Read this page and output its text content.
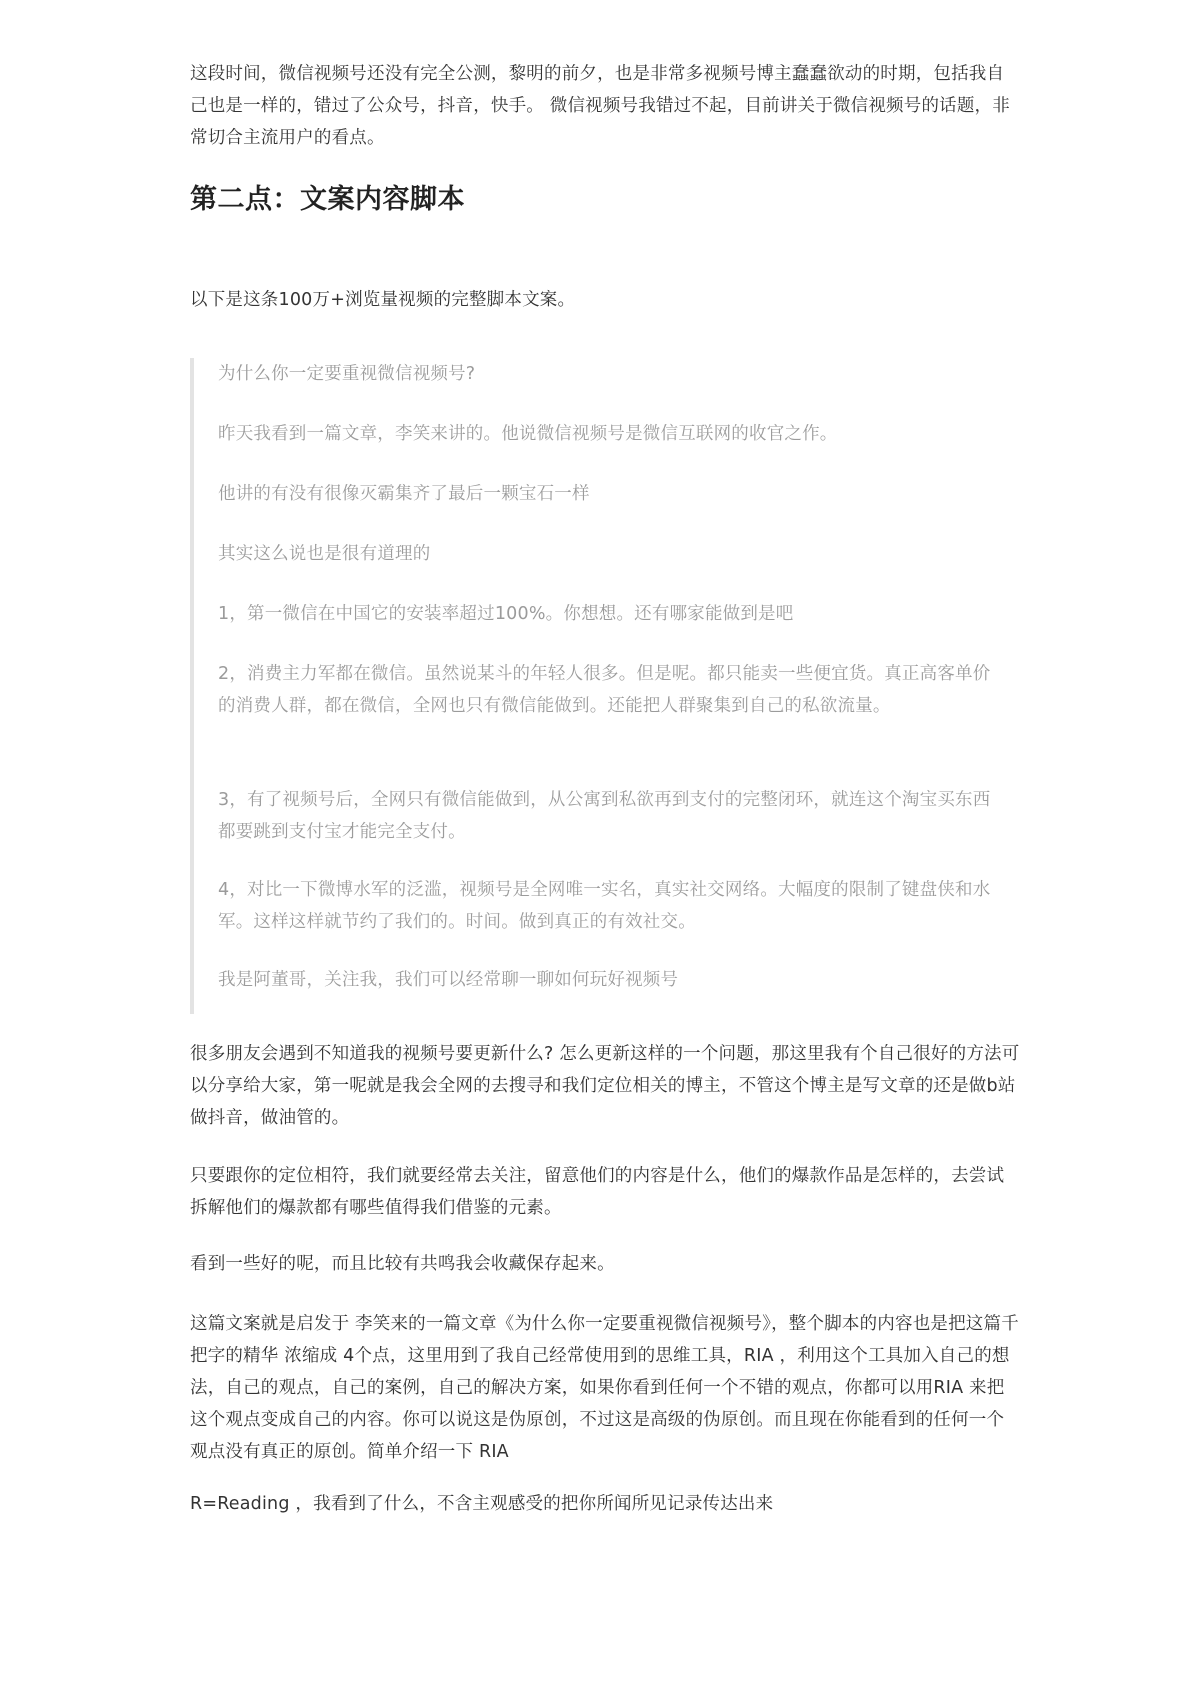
这段时间，微信视频号还没有完全公测，黎明的前夕，也是非常多视频号博主蠢蠢欲动的时期，包括我自己也是一样的，错过了公众号，抖音，快手。 微信视频号我错过不起，目前讲关于微信视频号的话题，非常切合主流用户的看点。

第二点：文案内容脚本

以下是这条100万+浏览量视频的完整脚本文案。

为什么你一定要重视微信视频号?

昨天我看到一篇文章，李笑来讲的。他说微信视频号是微信互联网的收官之作。

他讲的有没有很像灭霸集齐了最后一颗宝石一样

其实这么说也是很有道理的

1，第一微信在中国它的安装率超过100%。你想想。还有哪家能做到是吧

2，消费主力军都在微信。虽然说某斗的年轻人很多。但是呢。都只能卖一些便宜货。真正高客单价的消费人群，都在微信，全网也只有微信能做到。还能把人群聚集到自己的私欲流量。

3，有了视频号后，全网只有微信能做到，从公寓到私欲再到支付的完整闭环，就连这个淘宝买东西都要跳到支付宝才能完全支付。

4，对比一下微博水军的泛滥，视频号是全网唯一实名，真实社交网络。大幅度的限制了键盘侠和水军。这样这样就节约了我们的。时间。做到真正的有效社交。

我是阿董哥，关注我，我们可以经常聊一聊如何玩好视频号

很多朋友会遇到不知道我的视频号要更新什么? 怎么更新这样的一个问题，那这里我有个自己很好的方法可以分享给大家，第一呢就是我会全网的去搜寻和我们定位相关的博主，不管这个博主是写文章的还是做b站做抖音，做油管的。

只要跟你的定位相符，我们就要经常去关注，留意他们的内容是什么，他们的爆款作品是怎样的，去尝试拆解他们的爆款都有哪些值得我们借鉴的元素。

看到一些好的呢，而且比较有共鸣我会收藏保存起来。

这篇文案就是启发于 李笑来的一篇文章《为什么你一定要重视微信视频号》，整个脚本的内容也是把这篇千把字的精华 浓缩成 4个点，这里用到了我自己经常使用到的思维工具，RIA ，利用这个工具加入自己的想法，自己的观点，自己的案例，自己的解决方案，如果你看到任何一个不错的观点，你都可以用RIA 来把这个观点变成自己的内容。你可以说这是伪原创，不过这是高级的伪原创。而且现在你能看到的任何一个观点没有真正的原创。简单介绍一下 RIA

R=Reading ，我看到了什么，不含主观感受的把你所闻所见记录传达出来
